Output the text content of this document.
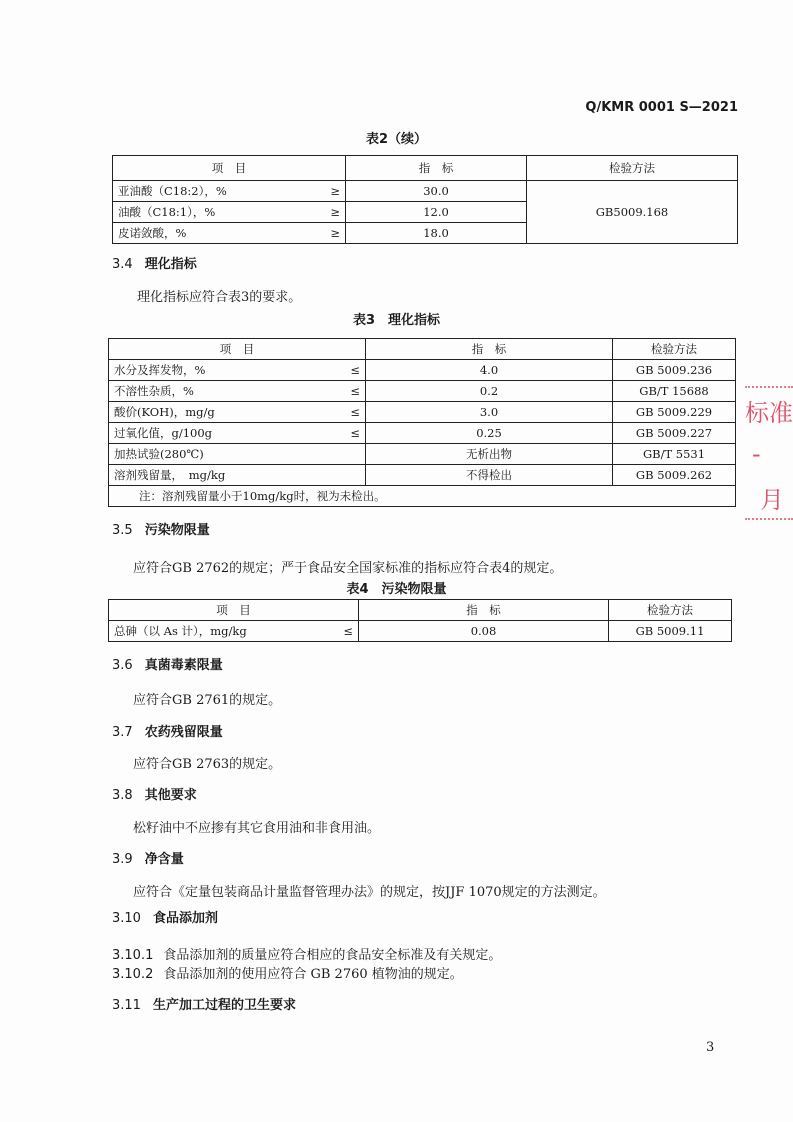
Q/KMR 0001 S—2021
表2（续）
项　目	指　标	检验方法
亚油酸（C18:2），% ≥	30.0	GB5009.168
油酸（C18:1），% ≥	12.0	
皮诺敛酸，% ≥	18.0	
3.4 理化指标
理化指标应符合表3的要求。
表3　理化指标
项　目	指　标	检验方法
水分及挥发物，% ≤	4.0	GB 5009.236
不溶性杂质，% ≤	0.2	GB/T 15688
酸价(KOH)，mg/g ≤	3.0	GB 5009.229
过氧化值，g/100g ≤	0.25	GB 5009.227
加热试验(280℃)	无析出物	GB/T 5531
溶剂残留量，　mg/kg	不得检出	GB 5009.262
注：溶剂残留量小于10mg/kg时，视为未检出。		
3.5 污染物限量
应符合GB 2762的规定；严于食品安全国家标准的指标应符合表4的规定。
表4　污染物限量
项　目	指　标	检验方法
总砷（以 As 计），mg/kg ≤	0.08	GB 5009.11
3.6 真菌毒素限量
应符合GB 2761的规定。
3.7 农药残留限量
应符合GB 2763的规定。
3.8 其他要求
松籽油中不应掺有其它食用油和非食用油。
3.9 净含量
应符合《定量包装商品计量监督管理办法》的规定，按JJF 1070规定的方法测定。
3.10 食品添加剂
3.10.1 食品添加剂的质量应符合相应的食品安全标准及有关规定。
3.10.2 食品添加剂的使用应符合 GB 2760 植物油的规定。
3.11 生产加工过程的卫生要求
3
标准
-
月
